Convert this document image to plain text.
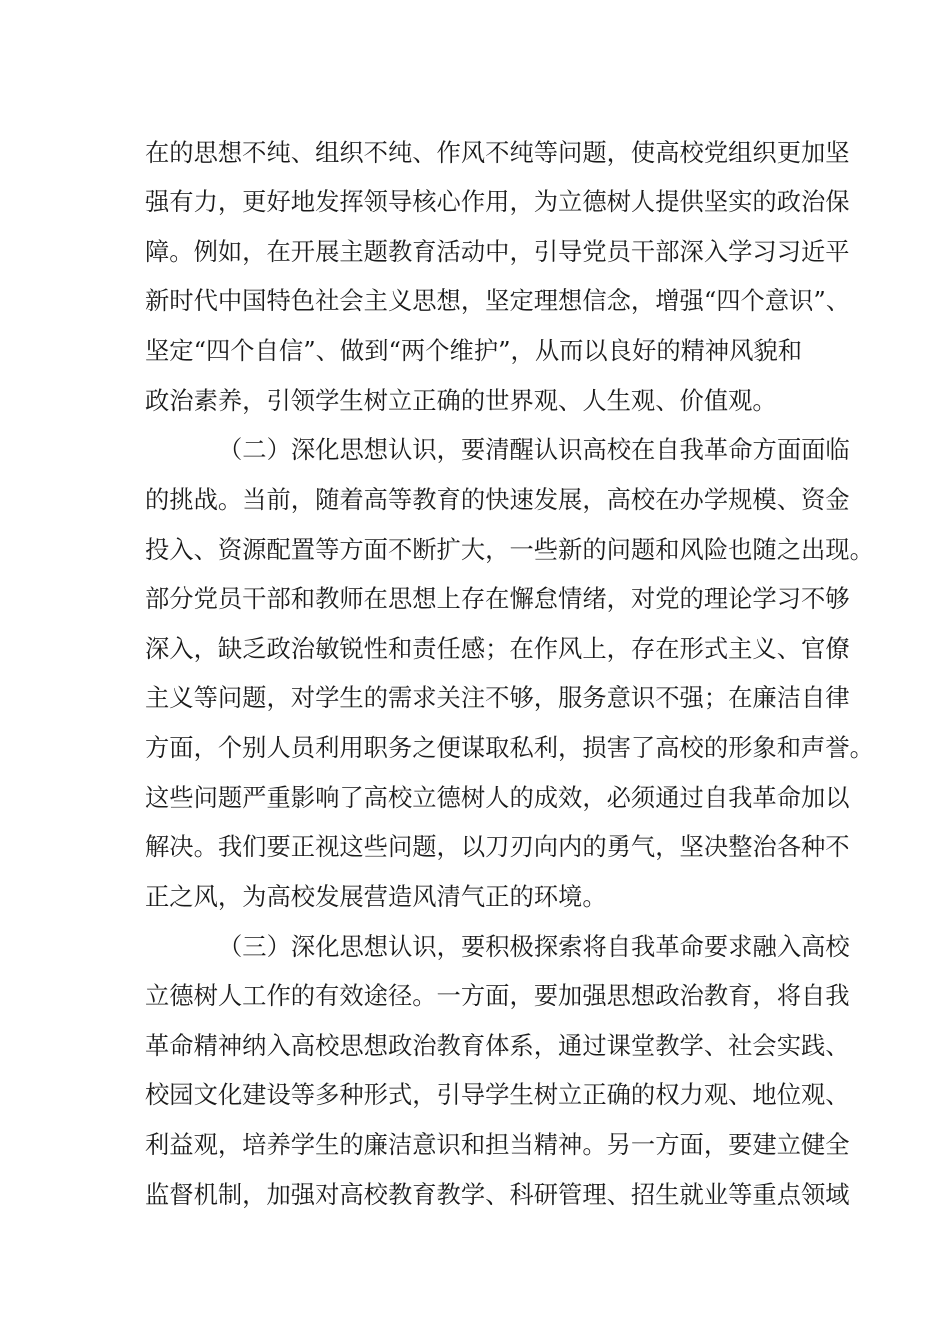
在的思想不纯、组织不纯、作风不纯等问题，使高校党组织更加坚
强有力，更好地发挥领导核心作用，为立德树人提供坚实的政治保
障。例如，在开展主题教育活动中，引导党员干部深入学习习近平
新时代中国特色社会主义思想，坚定理想信念，增强“四个意识”、
坚定“四个自信”、做到“两个维护”，从而以良好的精神风貌和
政治素养，引领学生树立正确的世界观、人生观、价值观。
（二）深化思想认识，要清醒认识高校在自我革命方面面临
的挑战。当前，随着高等教育的快速发展，高校在办学规模、资金
投入、资源配置等方面不断扩大，一些新的问题和风险也随之出现。
部分党员干部和教师在思想上存在懈怠情绪，对党的理论学习不够
深入，缺乏政治敏锐性和责任感；在作风上，存在形式主义、官僚
主义等问题，对学生的需求关注不够，服务意识不强；在廉洁自律
方面，个别人员利用职务之便谋取私利，损害了高校的形象和声誉。
这些问题严重影响了高校立德树人的成效，必须通过自我革命加以
解决。我们要正视这些问题，以刀刃向内的勇气，坚决整治各种不
正之风，为高校发展营造风清气正的环境。
（三）深化思想认识，要积极探索将自我革命要求融入高校
立德树人工作的有效途径。一方面，要加强思想政治教育，将自我
革命精神纳入高校思想政治教育体系，通过课堂教学、社会实践、
校园文化建设等多种形式，引导学生树立正确的权力观、地位观、
利益观，培养学生的廉洁意识和担当精神。另一方面，要建立健全
监督机制，加强对高校教育教学、科研管理、招生就业等重点领域
